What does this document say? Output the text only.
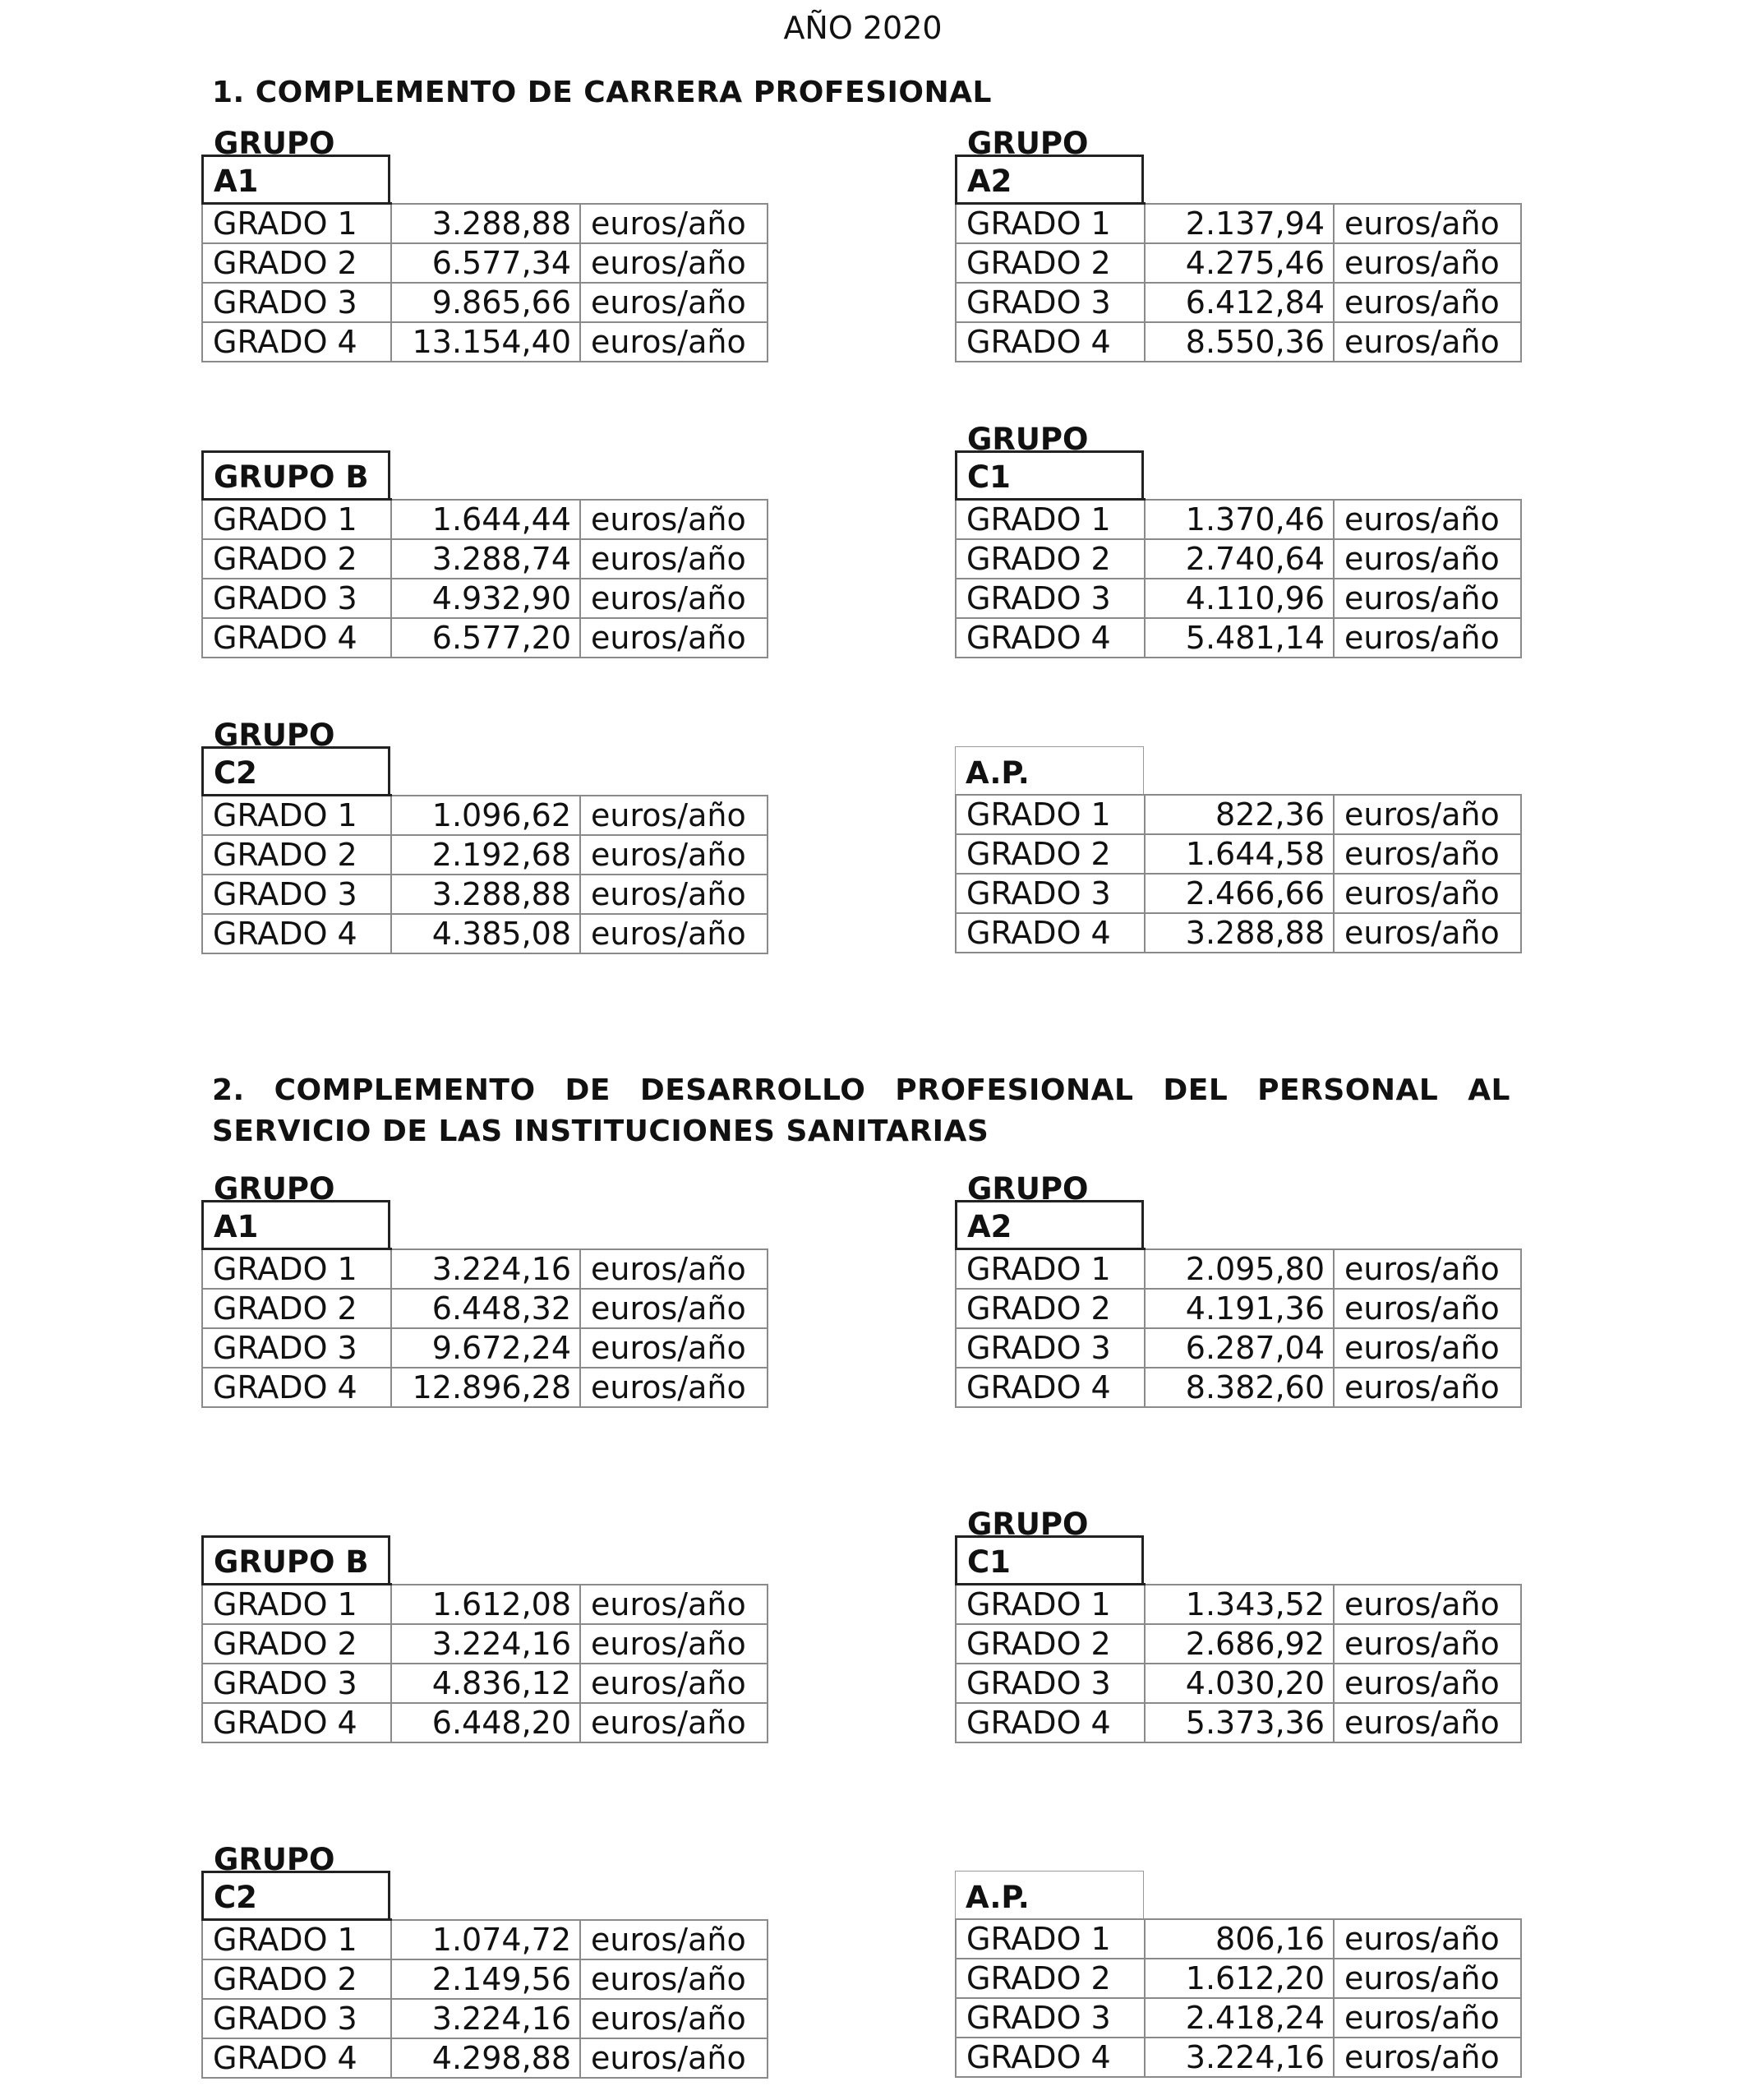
AÑO 2020
1. COMPLEMENTO DE CARRERA PROFESIONAL
2. COMPLEMENTO DE DESARROLLO PROFESIONAL DEL PERSONAL AL SERVICIO DE LAS INSTITUCIONES SANITARIAS
GRUPO A1
GRADO 1	3.288,88	euros/año
GRADO 2	6.577,34	euros/año
GRADO 3	9.865,66	euros/año
GRADO 4	13.154,40	euros/año
GRUPO A2
GRADO 1	2.137,94	euros/año
GRADO 2	4.275,46	euros/año
GRADO 3	6.412,84	euros/año
GRADO 4	8.550,36	euros/año
GRUPO B
GRADO 1	1.644,44	euros/año
GRADO 2	3.288,74	euros/año
GRADO 3	4.932,90	euros/año
GRADO 4	6.577,20	euros/año
GRUPO C1
GRADO 1	1.370,46	euros/año
GRADO 2	2.740,64	euros/año
GRADO 3	4.110,96	euros/año
GRADO 4	5.481,14	euros/año
GRUPO C2
GRADO 1	1.096,62	euros/año
GRADO 2	2.192,68	euros/año
GRADO 3	3.288,88	euros/año
GRADO 4	4.385,08	euros/año
A.P.
GRADO 1	822,36	euros/año
GRADO 2	1.644,58	euros/año
GRADO 3	2.466,66	euros/año
GRADO 4	3.288,88	euros/año
GRUPO A1
GRADO 1	3.224,16	euros/año
GRADO 2	6.448,32	euros/año
GRADO 3	9.672,24	euros/año
GRADO 4	12.896,28	euros/año
GRUPO A2
GRADO 1	2.095,80	euros/año
GRADO 2	4.191,36	euros/año
GRADO 3	6.287,04	euros/año
GRADO 4	8.382,60	euros/año
GRUPO B
GRADO 1	1.612,08	euros/año
GRADO 2	3.224,16	euros/año
GRADO 3	4.836,12	euros/año
GRADO 4	6.448,20	euros/año
GRUPO C1
GRADO 1	1.343,52	euros/año
GRADO 2	2.686,92	euros/año
GRADO 3	4.030,20	euros/año
GRADO 4	5.373,36	euros/año
GRUPO C2
GRADO 1	1.074,72	euros/año
GRADO 2	2.149,56	euros/año
GRADO 3	3.224,16	euros/año
GRADO 4	4.298,88	euros/año
A.P.
GRADO 1	806,16	euros/año
GRADO 2	1.612,20	euros/año
GRADO 3	2.418,24	euros/año
GRADO 4	3.224,16	euros/año
